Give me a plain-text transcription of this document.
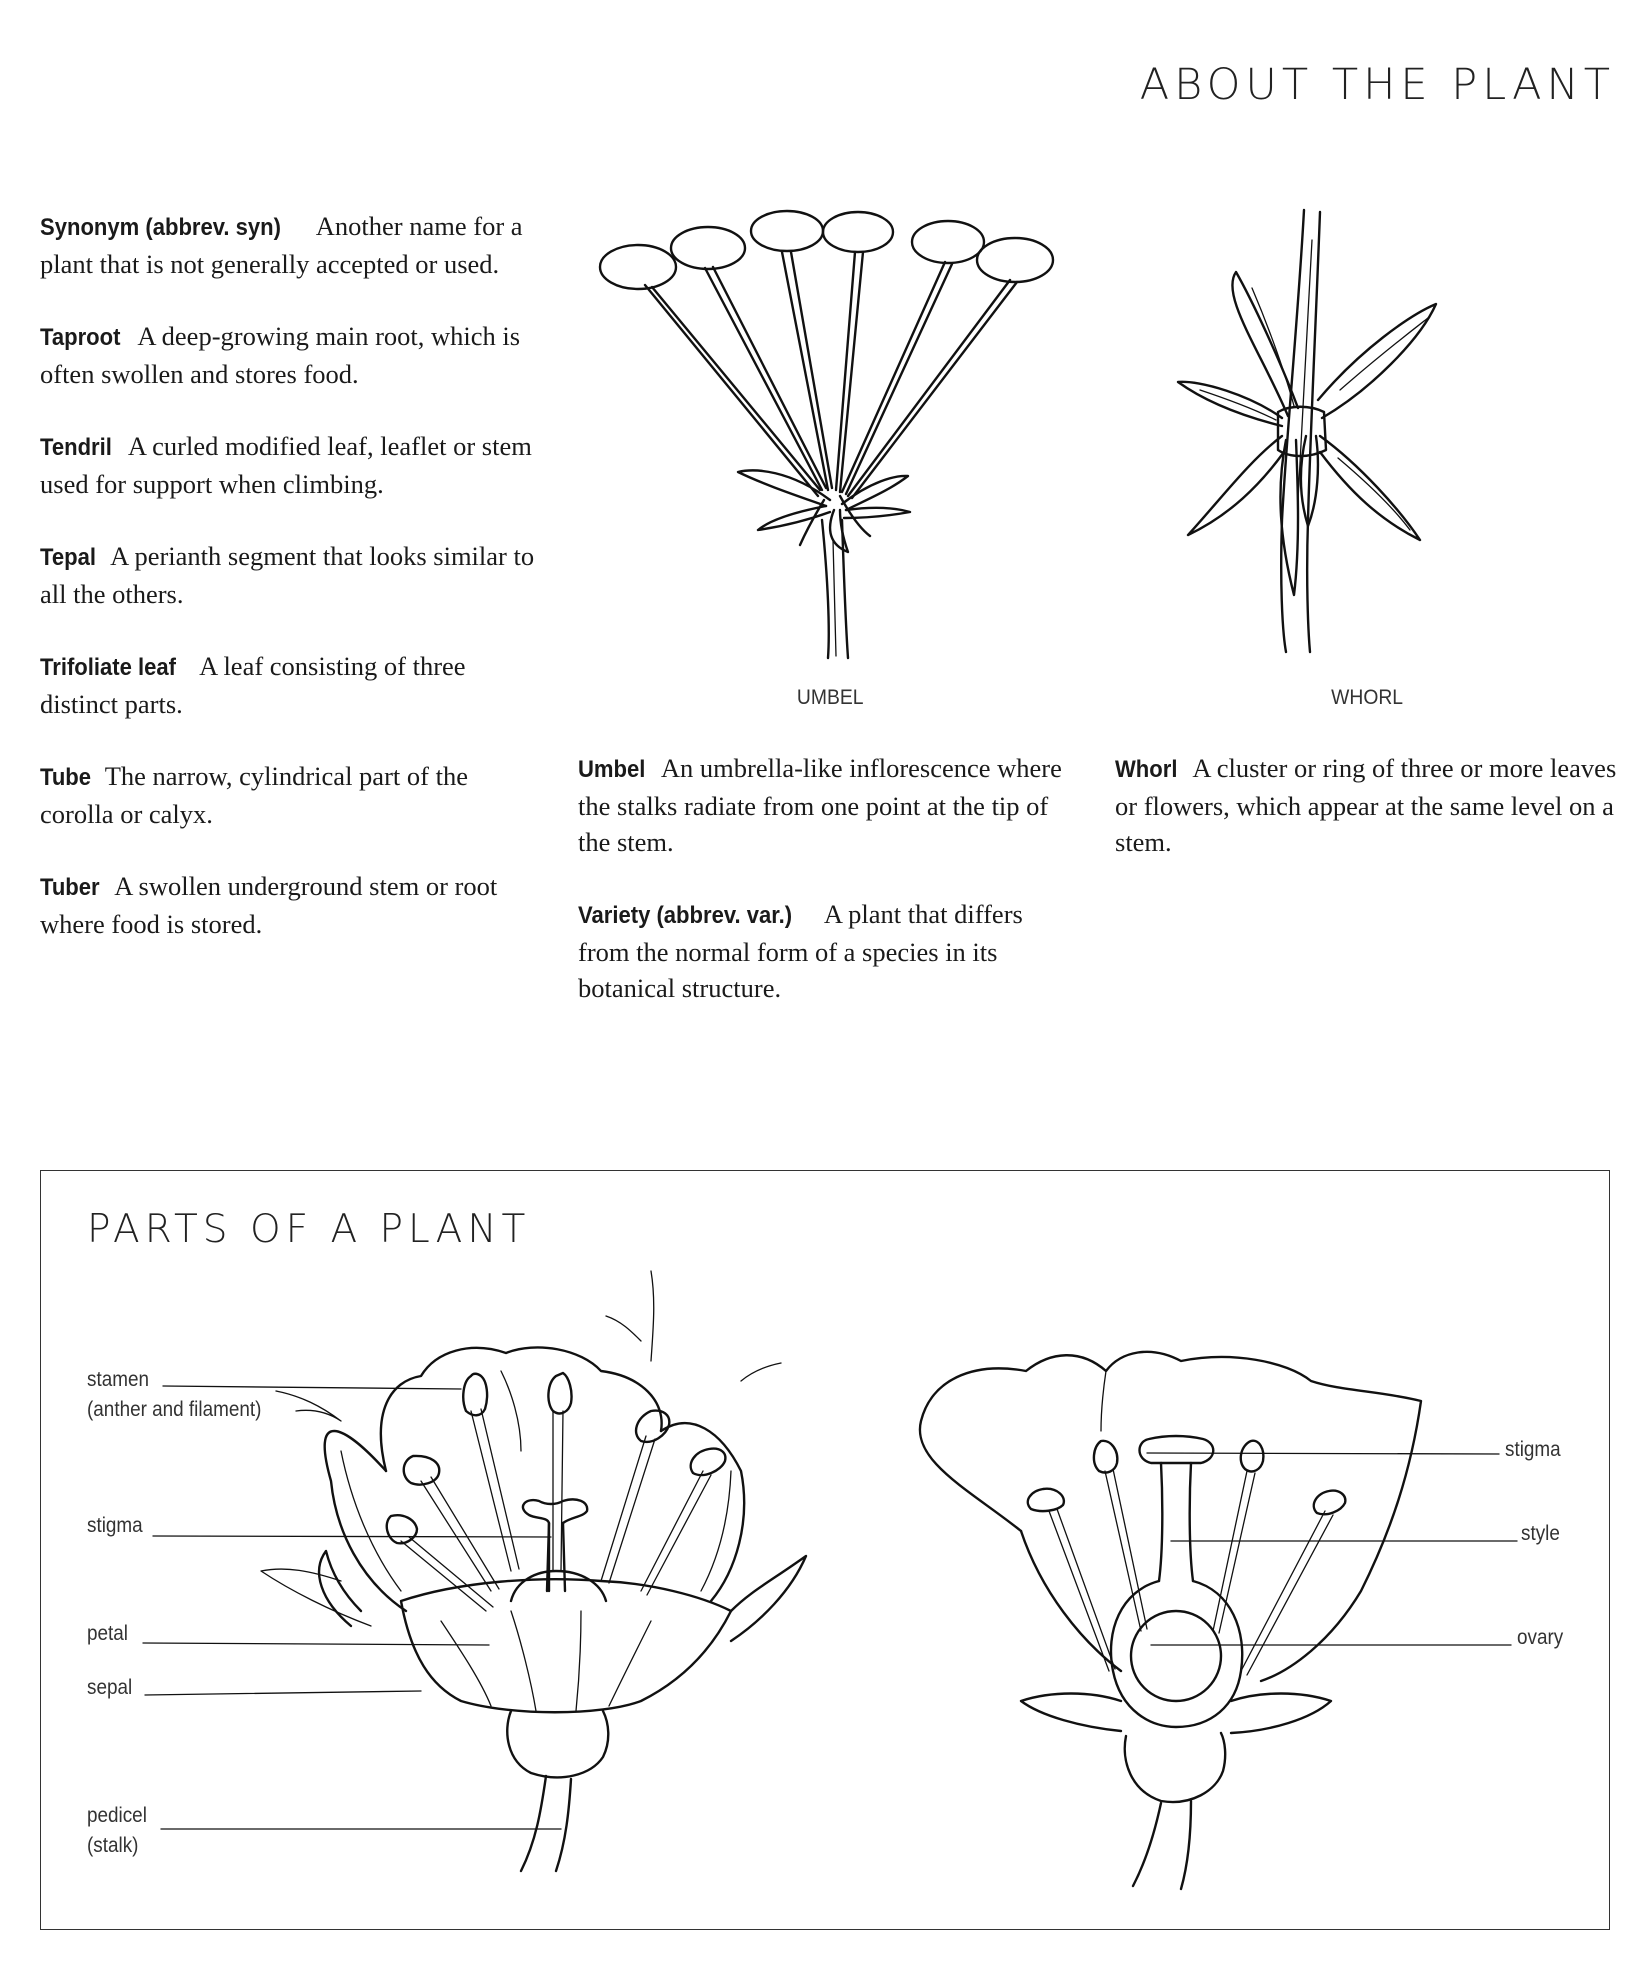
ABOUT THE PLANT
Synonym (abbrev. syn) Another name for a plant that is not generally accepted or used.
Taproot A deep-growing main root, which is often swollen and stores food.
Tendril A curled modified leaf, leaflet or stem used for support when climbing.
Tepal A perianth segment that looks similar to all the others.
Trifoliate leaf A leaf consisting of three distinct parts.
Tube The narrow, cylindrical part of the corolla or calyx.
Tuber A swollen underground stem or root where food is stored.
UMBEL	WHORL
Umbel An umbrella-like inflorescence where the stalks radiate from one point at the tip of the stem.
Variety (abbrev. var.) A plant that differs from the normal form of a species in its botanical structure.
Whorl A cluster or ring of three or more leaves or flowers, which appear at the same level on a stem.
PARTS OF A PLANT
stamen
(anther and filament)
stigma
petal
sepal
pedicel
(stalk)
stigma
style
ovary
